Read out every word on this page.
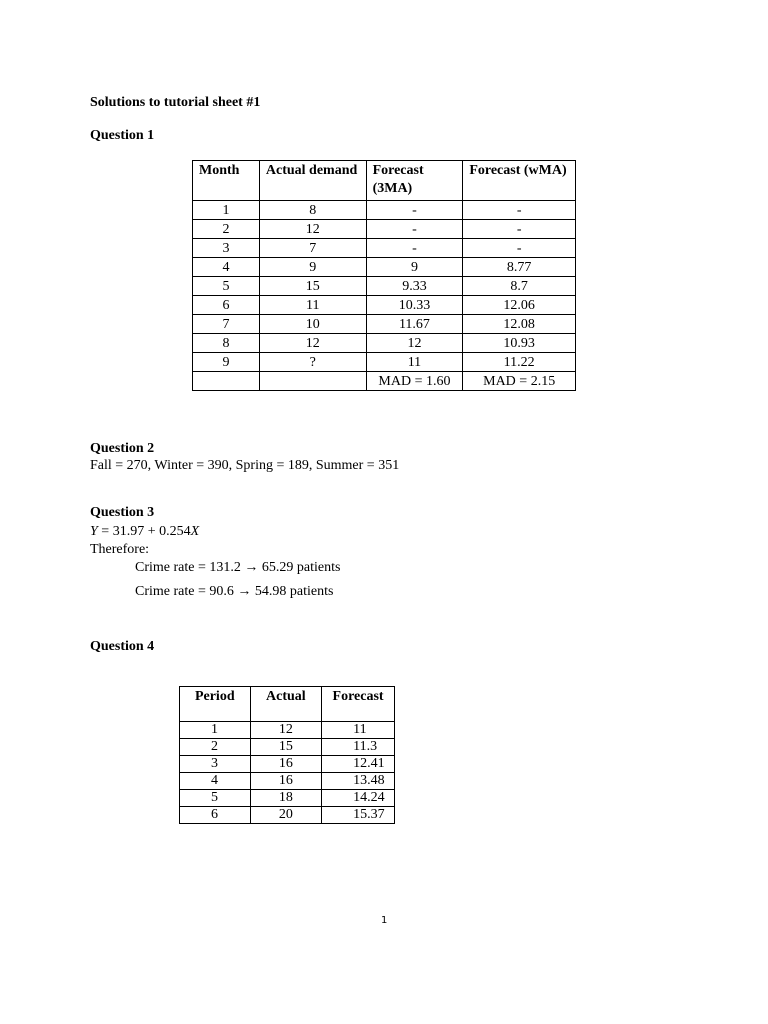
Solutions to tutorial sheet #1
Question 1
Month	Actual demand	Forecast (3MA)	Forecast (wMA)
1	8	-	-
2	12	-	-
3	7	-	-
4	9	9	8.77
5	15	9.33	8.7
6	11	10.33	12.06
7	10	11.67	12.08
8	12	12	10.93
9	?	11	11.22
		MAD = 1.60	MAD = 2.15
Question 2
Fall = 270, Winter = 390, Spring = 189, Summer = 351
Question 3
Y = 31.97 + 0.254X
Therefore:
Crime rate = 131.2 → 65.29 patients
Crime rate = 90.6 → 54.98 patients
Question 4
Period	Actual	Forecast
1	12	11
2	15	11.3
3	16	12.41
4	16	13.48
5	18	14.24
6	20	15.37
1
